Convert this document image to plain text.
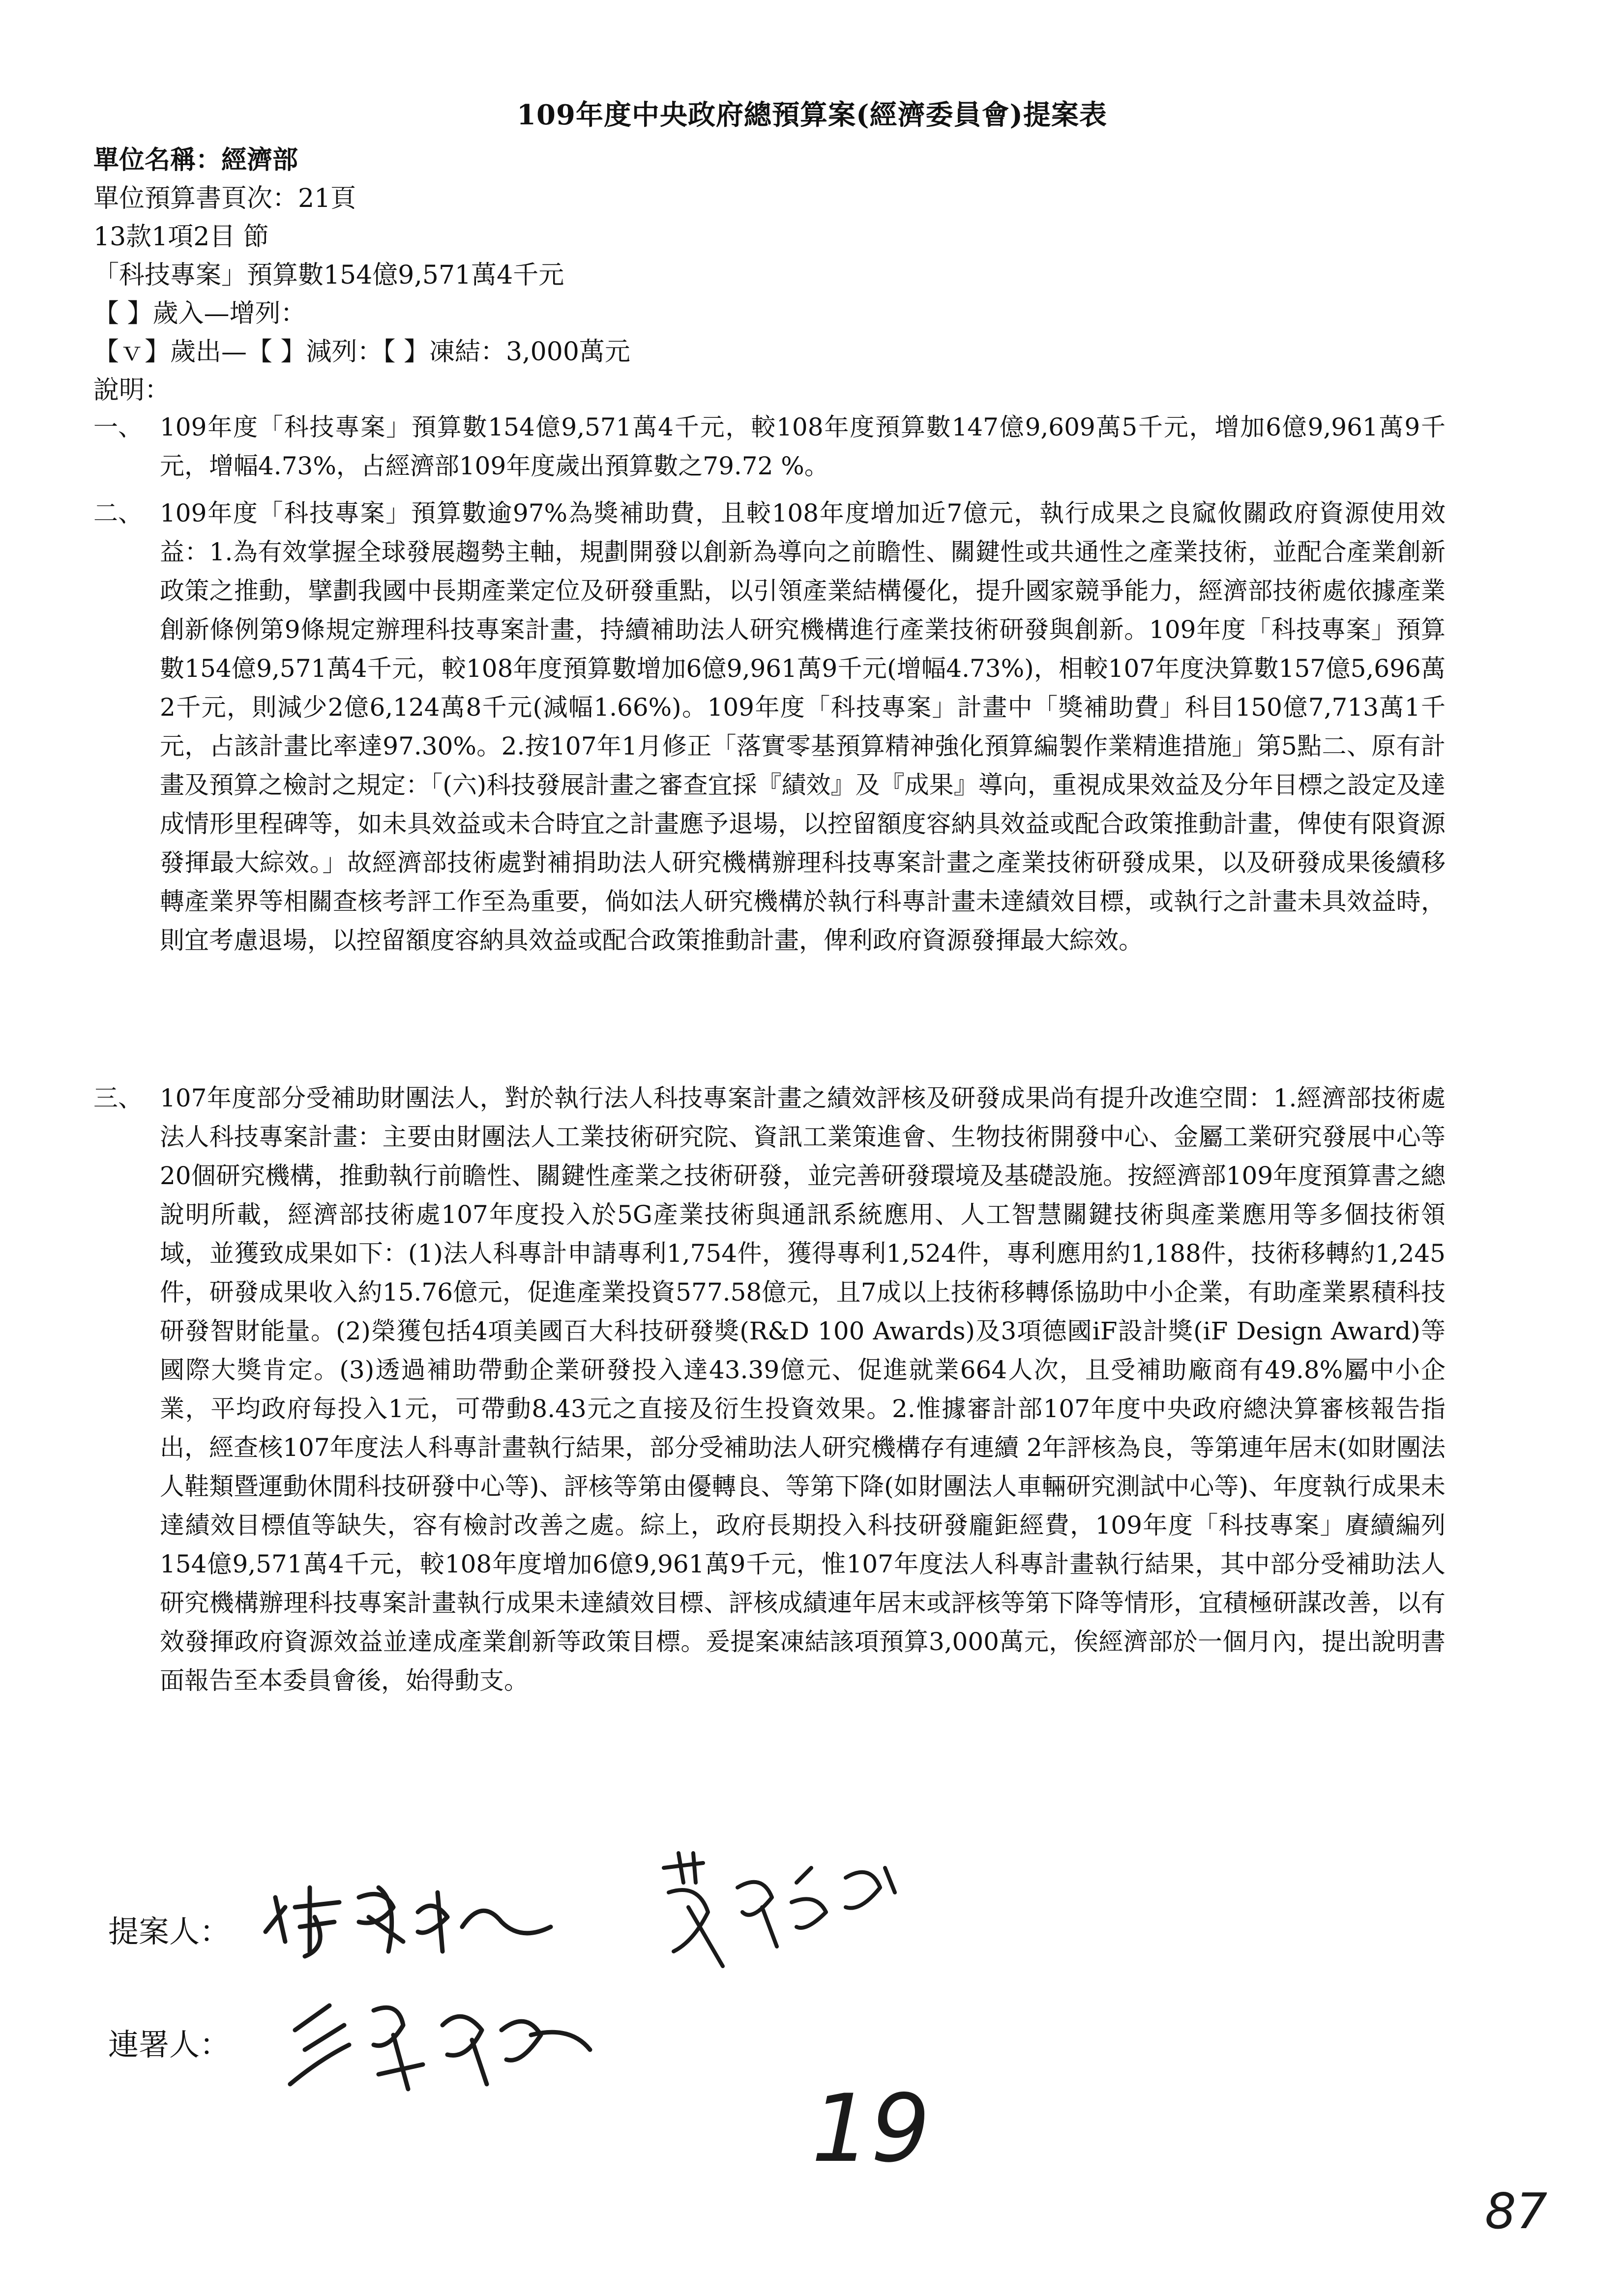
109年度中央政府總預算案(經濟委員會)提案表
單位名稱：經濟部
單位預算書頁次：21頁
13款1項2目 節
「科技專案」預算數154億9,571萬4千元
【 】歲入—增列：
【ｖ】歲出—【 】減列：【 】凍結：3,000萬元
說明：
一、 109年度「科技專案」預算數154億9,571萬4千元，較108年度預算數147億9,609萬5千元，增加6億9,961萬9千元，增幅4.73%，占經濟部109年度歲出預算數之79.72 %。
二、 109年度「科技專案」預算數逾97%為獎補助費，且較108年度增加近7億元，執行成果之良窳攸關政府資源使用效益：1.為有效掌握全球發展趨勢主軸，規劃開發以創新為導向之前瞻性、關鍵性或共通性之產業技術，並配合產業創新政策之推動，擘劃我國中長期產業定位及研發重點，以引領產業結構優化，提升國家競爭能力，經濟部技術處依據產業創新條例第9條規定辦理科技專案計畫，持續補助法人研究機構進行產業技術研發與創新。109年度「科技專案」預算數154億9,571萬4千元，較108年度預算數增加6億9,961萬9千元(增幅4.73%)，相較107年度決算數157億5,696萬2千元，則減少2億6,124萬8千元(減幅1.66%)。109年度「科技專案」計畫中「獎補助費」科目150億7,713萬1千元，占該計畫比率達97.30%。2.按107年1月修正「落實零基預算精神強化預算編製作業精進措施」第5點二、原有計畫及預算之檢討之規定：「(六)科技發展計畫之審查宜採『績效』及『成果』導向，重視成果效益及分年目標之設定及達成情形里程碑等，如未具效益或未合時宜之計畫應予退場，以控留額度容納具效益或配合政策推動計畫，俾使有限資源發揮最大綜效。」故經濟部技術處對補捐助法人研究機構辦理科技專案計畫之產業技術研發成果，以及研發成果後續移轉產業界等相關查核考評工作至為重要，倘如法人研究機構於執行科專計畫未達績效目標，或執行之計畫未具效益時，則宜考慮退場，以控留額度容納具效益或配合政策推動計畫，俾利政府資源發揮最大綜效。
三、 107年度部分受補助財團法人，對於執行法人科技專案計畫之績效評核及研發成果尚有提升改進空間：1.經濟部技術處法人科技專案計畫：主要由財團法人工業技術研究院、資訊工業策進會、生物技術開發中心、金屬工業研究發展中心等20個研究機構，推動執行前瞻性、關鍵性產業之技術研發，並完善研發環境及基礎設施。按經濟部109年度預算書之總說明所載，經濟部技術處107年度投入於5G產業技術與通訊系統應用、人工智慧關鍵技術與產業應用等多個技術領域，並獲致成果如下：(1)法人科專計申請專利1,754件，獲得專利1,524件，專利應用約1,188件，技術移轉約1,245件，研發成果收入約15.76億元，促進產業投資577.58億元，且7成以上技術移轉係協助中小企業，有助產業累積科技研發智財能量。(2)榮獲包括4項美國百大科技研發獎(R&D 100 Awards)及3項德國iF設計獎(iF Design Award)等國際大獎肯定。(3)透過補助帶動企業研發投入達43.39億元、促進就業664人次，且受補助廠商有49.8%屬中小企業，平均政府每投入1元，可帶動8.43元之直接及衍生投資效果。2.惟據審計部107年度中央政府總決算審核報告指出，經查核107年度法人科專計畫執行結果，部分受補助法人研究機構存有連續 2年評核為良，等第連年居末(如財團法人鞋類暨運動休閒科技研發中心等)、評核等第由優轉良、等第下降(如財團法人車輛研究測試中心等)、年度執行成果未達績效目標值等缺失，容有檢討改善之處。綜上，政府長期投入科技研發龐鉅經費，109年度「科技專案」賡續編列154億9,571萬4千元，較108年度增加6億9,961萬9千元，惟107年度法人科專計畫執行結果，其中部分受補助法人研究機構辦理科技專案計畫執行成果未達績效目標、評核成績連年居末或評核等第下降等情形，宜積極研謀改善，以有效發揮政府資源效益並達成產業創新等政策目標。爰提案凍結該項預算3,000萬元，俟經濟部於一個月內，提出說明書面報告至本委員會後，始得動支。
提案人：
連署人：
19
87
